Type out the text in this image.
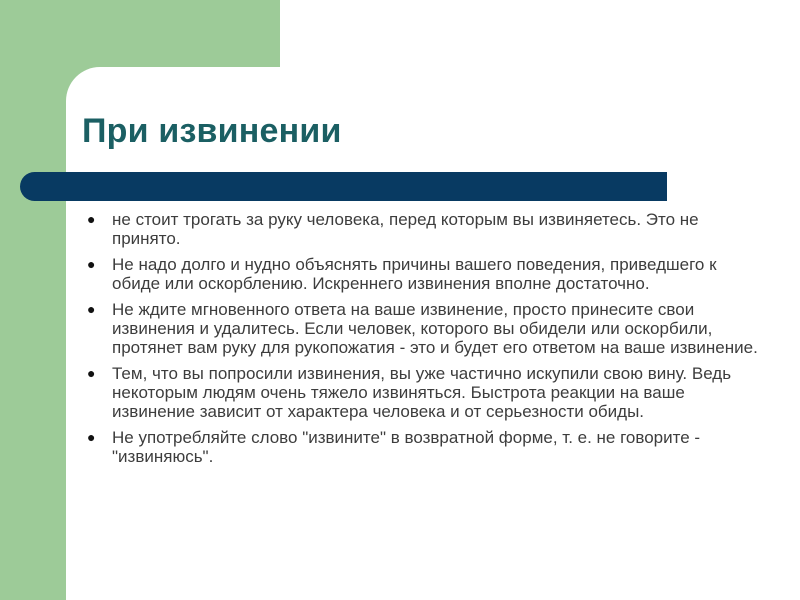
При извинении
● не стоит трогать за руку человека, перед которым вы извиняетесь. Это не принято.
● Не надо долго и нудно объяснять причины вашего поведения, приведшего к обиде или оскорблению. Искреннего извинения вполне достаточно.
● Не ждите мгновенного ответа на ваше извинение, просто принесите свои извинения и удалитесь. Если человек, которого вы обидели или оскорбили, протянет вам руку для рукопожатия - это и будет его ответом на ваше извинение.
● Тем, что вы попросили извинения, вы уже частично искупили свою вину. Ведь некоторым людям очень тяжело извиняться. Быстрота реакции на ваше извинение зависит от характера человека и от серьезности обиды.
● Не употребляйте слово "извините" в возвратной форме, т. е. не говорите - "извиняюсь".
